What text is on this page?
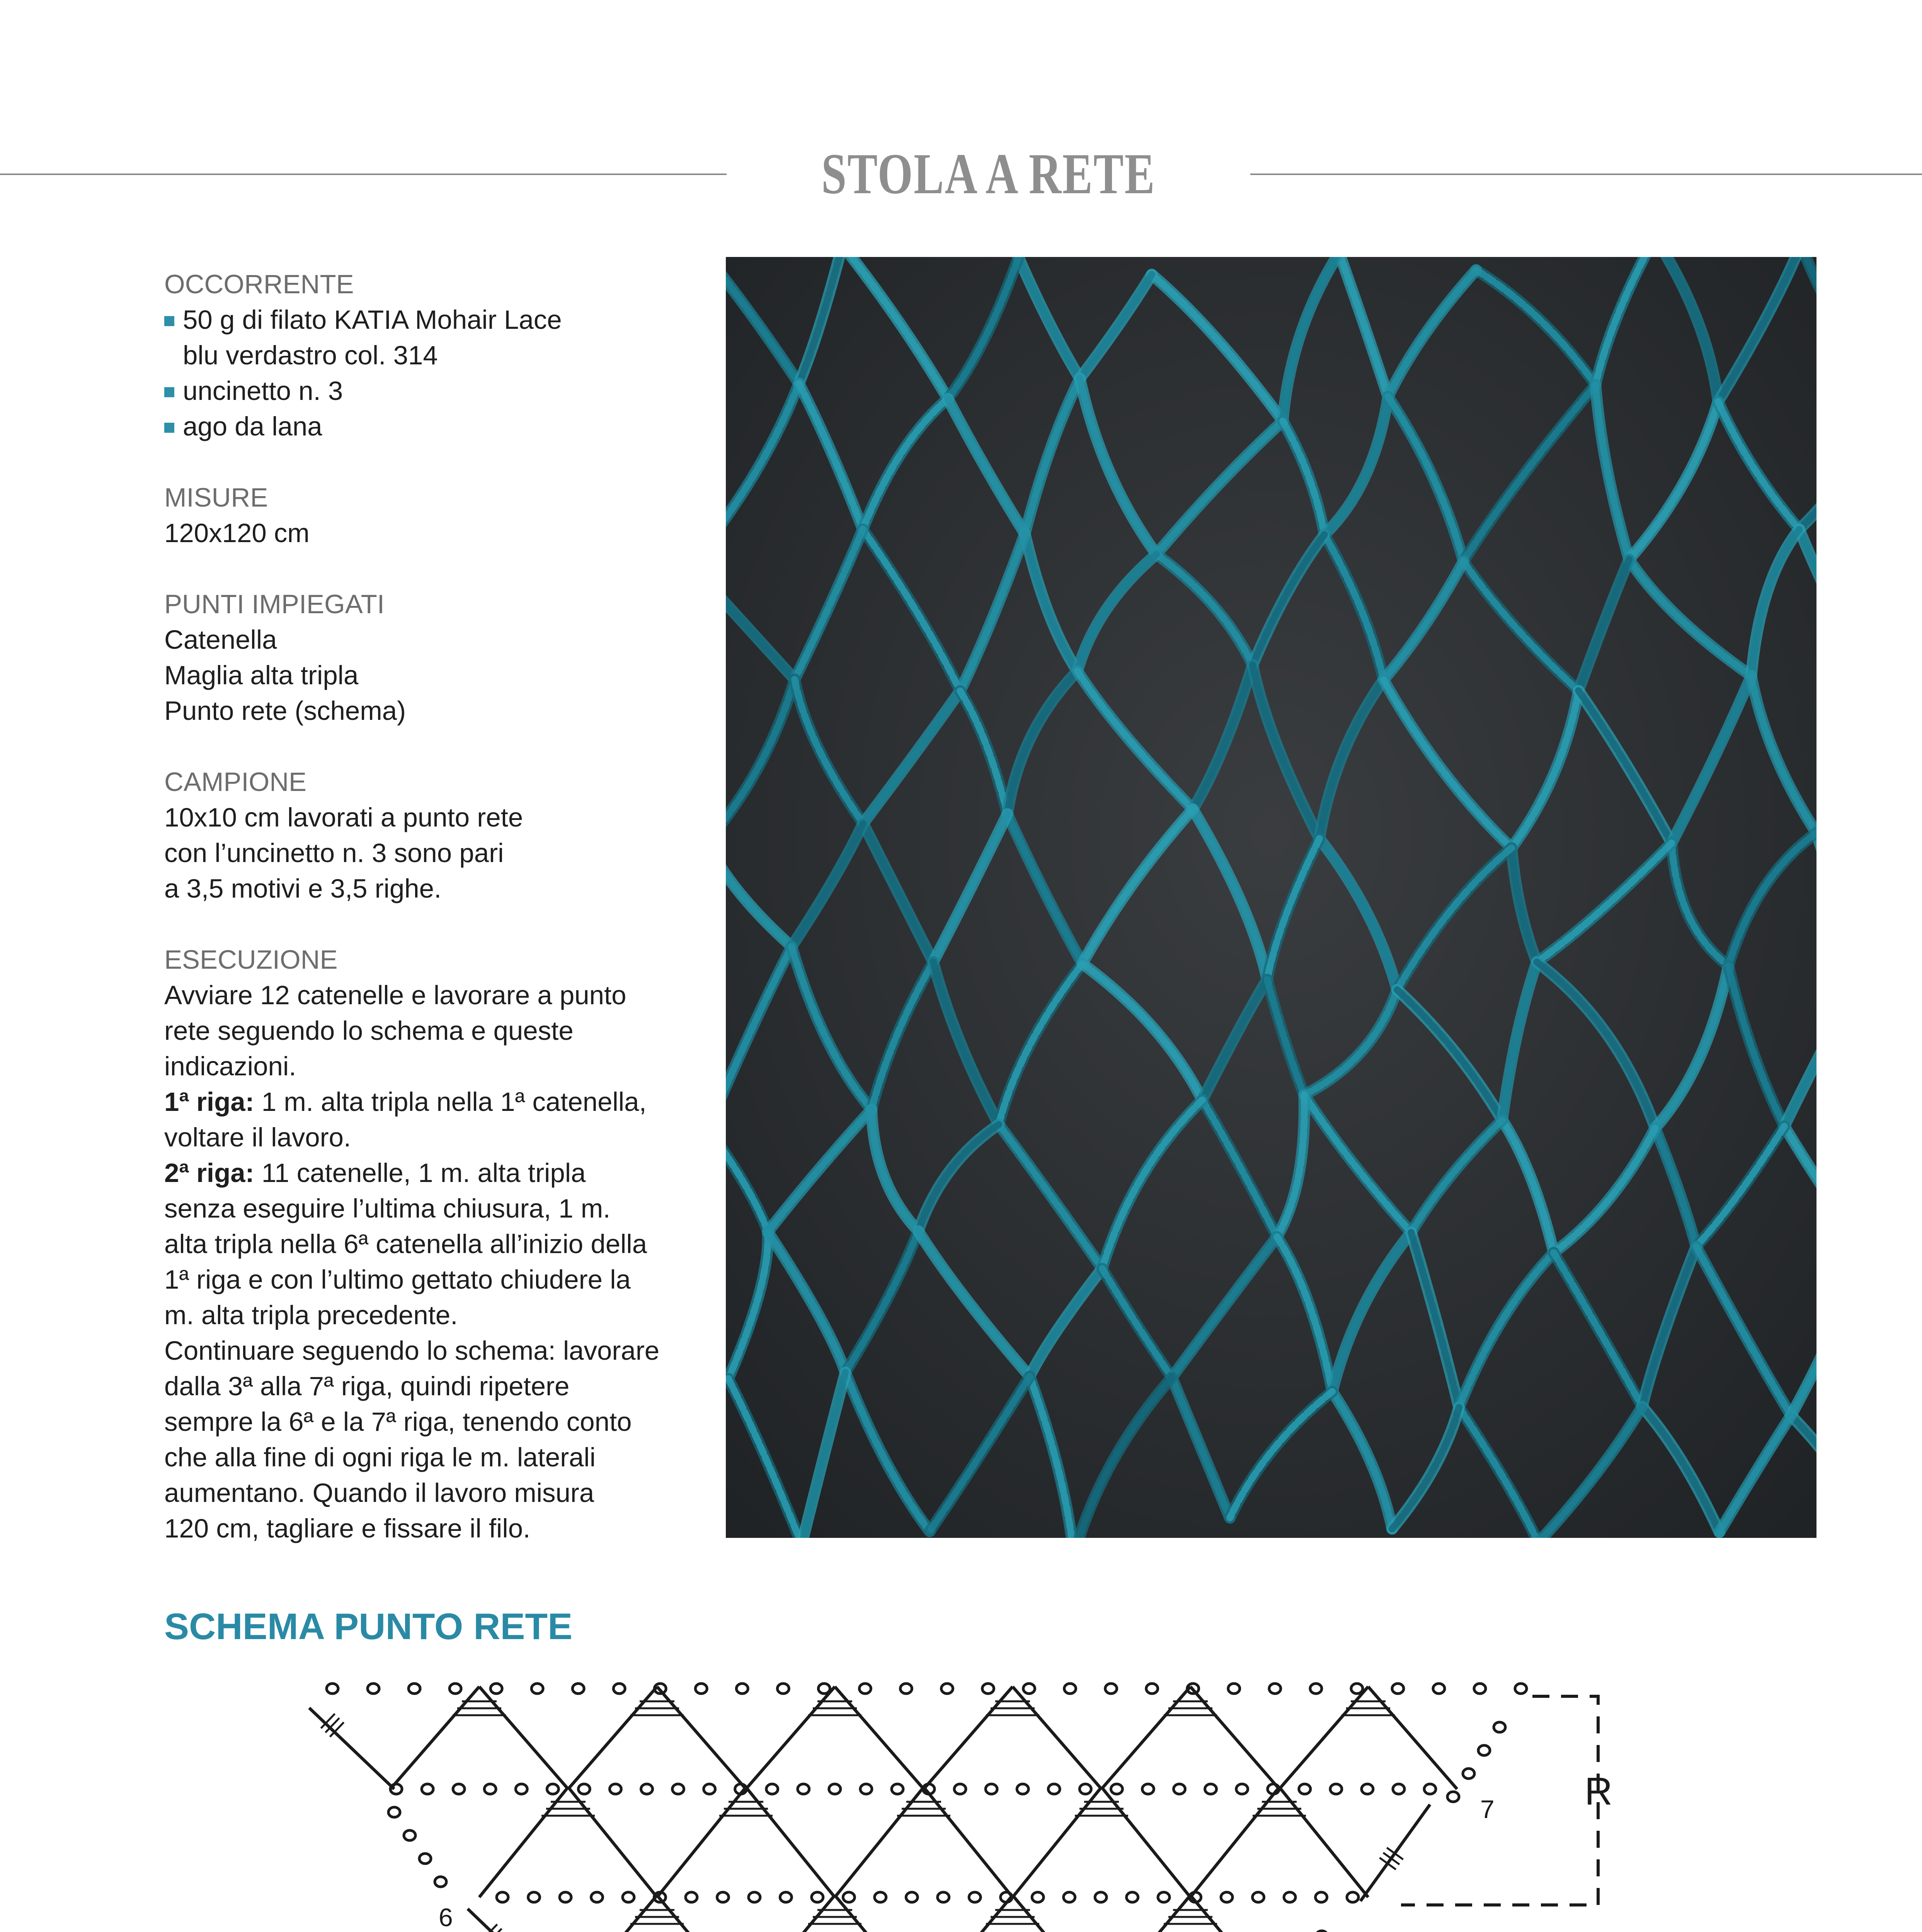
STOLA A RETE
OCCORRENTE
50 g di filato KATIA Mohair Lace
blu verdastro col. 314
uncinetto n. 3
ago da lana
MISURE
120x120 cm
PUNTI IMPIEGATI
Catenella
Maglia alta tripla
Punto rete (schema)
CAMPIONE
10x10 cm lavorati a punto rete
con l’uncinetto n. 3 sono pari
a 3,5 motivi e 3,5 righe.
ESECUZIONE
Avviare 12 catenelle e lavorare a punto
rete seguendo lo schema e queste
indicazioni.
1ª riga: 1 m. alta tripla nella 1ª catenella,
voltare il lavoro.
2ª riga: 11 catenelle, 1 m. alta tripla
senza eseguire l’ultima chiusura, 1 m.
alta tripla nella 6ª catenella all’inizio della
1ª riga e con l’ultimo gettato chiudere la
m. alta tripla precedente.
Continuare seguendo lo schema: lavorare
dalla 3ª alla 7ª riga, quindi ripetere
sempre la 6ª e la 7ª riga, tenendo conto
che alla fine di ogni riga le m. laterali
aumentano. Quando il lavoro misura
120 cm, tagliare e fissare il filo.
SCHEMA PUNTO RETE
6
7 R
